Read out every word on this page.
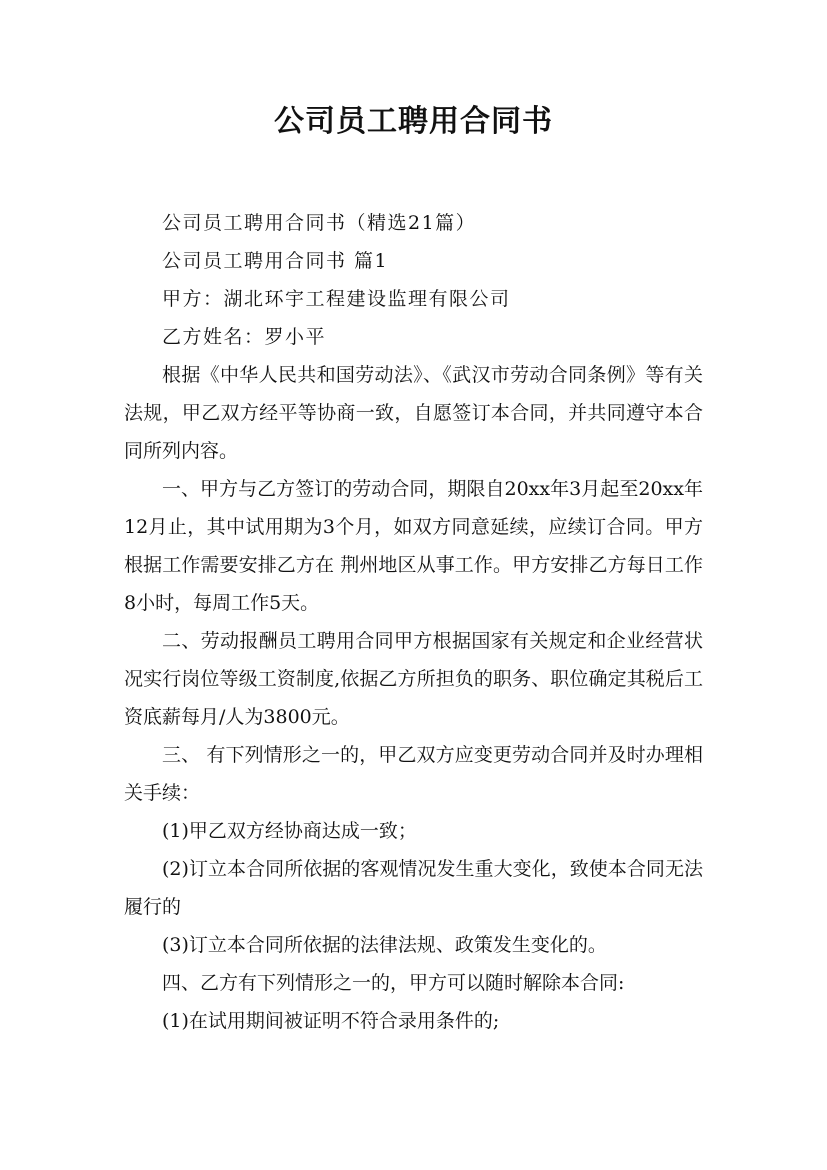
公司员工聘用合同书

公司员工聘用合同书（精选21篇）

公司员工聘用合同书 篇1

甲方：湖北环宇工程建设监理有限公司

乙方姓名：罗小平

根据《中华人民共和国劳动法》、《武汉市劳动合同条例》等有关法规，甲乙双方经平等协商一致，自愿签订本合同，并共同遵守本合同所列内容。

一、甲方与乙方签订的劳动合同，期限自20xx年3月起至20xx年12月止，其中试用期为3个月，如双方同意延续，应续订合同。甲方根据工作需要安排乙方在 荆州地区从事工作。甲方安排乙方每日工作8小时，每周工作5天。

二、劳动报酬员工聘用合同甲方根据国家有关规定和企业经营状况实行岗位等级工资制度,依据乙方所担负的职务、职位确定其税后工资底薪每月/人为3800元。

三、 有下列情形之一的，甲乙双方应变更劳动合同并及时办理相关手续：

(1)甲乙双方经协商达成一致；

(2)订立本合同所依据的客观情况发生重大变化，致使本合同无法履行的

(3)订立本合同所依据的法律法规、政策发生变化的。

四、乙方有下列情形之一的，甲方可以随时解除本合同:

(1)在试用期间被证明不符合录用条件的;
